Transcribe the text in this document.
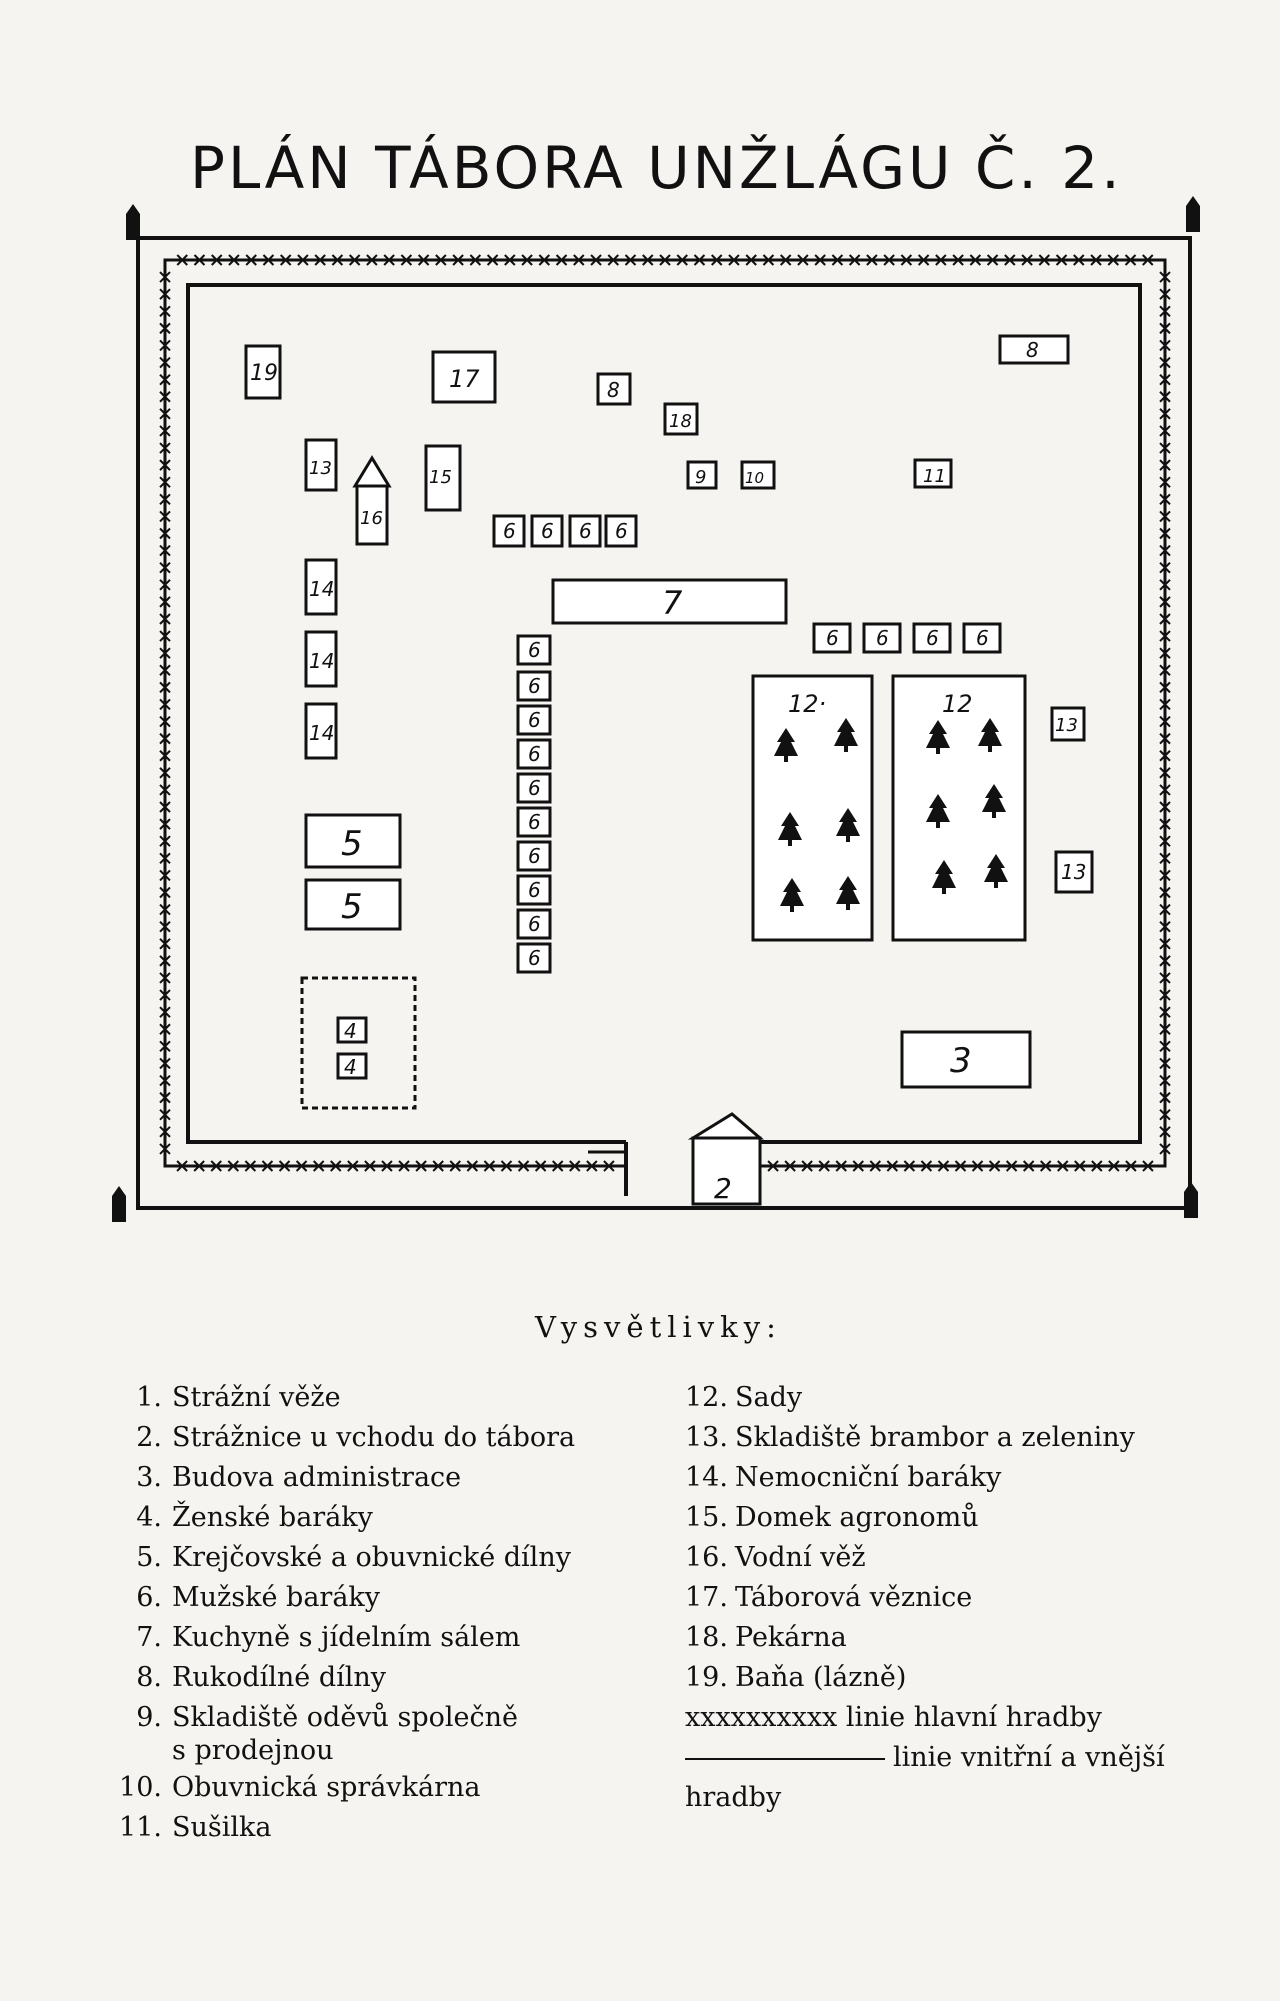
PLÁN TÁBORA UNŽLÁGU Č. 2.
4
4
2
3
5
5
7
17
19
8
8
18
9	10	11
13
14
14
14
15
16
13
13
6 6 6 6
6 6 6 6
6
6
6
6
6
6
6
6
6
6
12·	12
Vysvětlivky:
1. Strážní věže
2. Strážnice u vchodu do tábora
3. Budova administrace
4. Ženské baráky
5. Krejčovské a obuvnické dílny
6. Mužské baráky
7. Kuchyně s jídelním sálem
8. Rukodílné dílny
9. Skladiště oděvů společně
s prodejnou
10. Obuvnická správkárna
11. Sušilka
12. Sady
13. Skladiště brambor a zeleniny
14. Nemocniční baráky
15. Domek agronomů
16. Vodní věž
17. Táborová věznice
18. Pekárna
19. Baňa (lázně)
xxxxxxxxxx linie hlavní hradby
linie vnitřní a vnější
hradby
